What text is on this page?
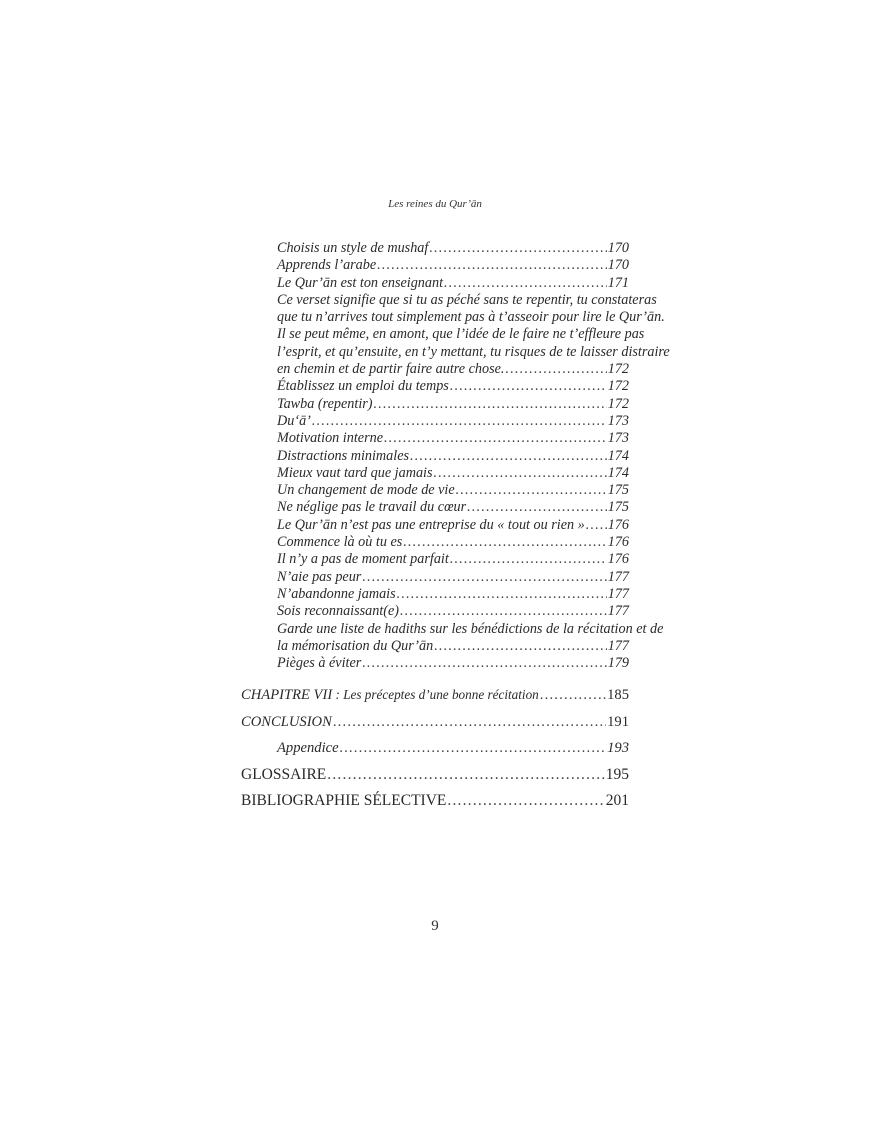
Les reines du Qur’ān
Choisis un style de mushaf .....	170
Apprends l’arabe .....	170
Le Qur’ān est ton enseignant .....	171
Ce verset signifie que si tu as péché sans te repentir, tu constateras
que tu n’arrives tout simplement pas à t’asseoir pour lire le Qur’ān.
Il se peut même, en amont, que l’idée de le faire ne t’effleure pas
l’esprit, et qu’ensuite, en t’y mettant, tu risques de te laisser distraire
en chemin et de partir faire autre chose. .....	172
Établissez un emploi du temps .....	172
Tawba (repentir) .....	172
Du‘ā’ .....	173
Motivation interne .....	173
Distractions minimales .....	174
Mieux vaut tard que jamais .....	174
Un changement de mode de vie .....	175
Ne néglige pas le travail du cœur .....	175
Le Qur’ān n’est pas une entreprise du « tout ou rien » ..... 176
Commence là où tu es .....	176
Il n’y a pas de moment parfait .....	176
N’aie pas peur .....	177
N’abandonne jamais .....	177
Sois reconnaissant(e) .....	177
Garde une liste de hadiths sur les bénédictions de la récitation et de
la mémorisation du Qur’ān .....	177
Pièges à éviter .....	179
CHAPITRE VII : Les préceptes d’une bonne récitation .....	185
CONCLUSION .....	191
Appendice .....	193
GLOSSAIRE .....	195
BIBLIOGRAPHIE SÉLECTIVE .....	201
9
